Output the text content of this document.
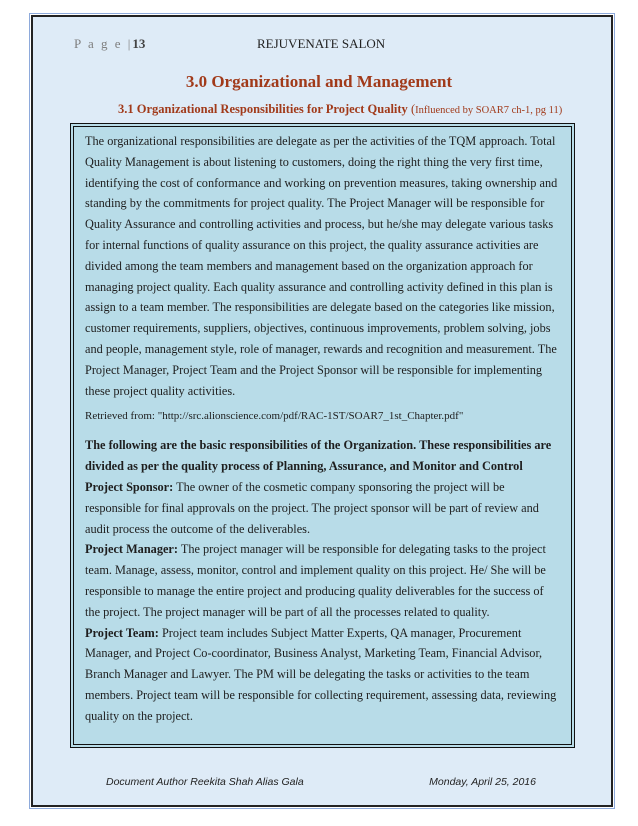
P a g e |13	REJUVENATE SALON
3.0 Organizational and Management
3.1 Organizational Responsibilities for Project Quality (Influenced by SOAR7 ch-1, pg 11)

The organizational responsibilities are delegate as per the activities of the TQM approach. Total Quality Management is about listening to customers, doing the right thing the very first time, identifying the cost of conformance and working on prevention measures, taking ownership and standing by the commitments for project quality. The Project Manager will be responsible for Quality Assurance and controlling activities and process, but he/she may delegate various tasks for internal functions of quality assurance on this project, the quality assurance activities are divided among the team members and management based on the organization approach for managing project quality. Each quality assurance and controlling activity defined in this plan is assign to a team member. The responsibilities are delegate based on the categories like mission, customer requirements, suppliers, objectives, continuous improvements, problem solving, jobs and people, management style, role of manager, rewards and recognition and measurement. The Project Manager, Project Team and the Project Sponsor will be responsible for implementing these project quality activities.

Retrieved from: "http://src.alionscience.com/pdf/RAC-1ST/SOAR7_1st_Chapter.pdf"

The following are the basic responsibilities of the Organization. These responsibilities are divided as per the quality process of Planning, Assurance, and Monitor and Control

Project Sponsor: The owner of the cosmetic company sponsoring the project will be responsible for final approvals on the project. The project sponsor will be part of review and audit process the outcome of the deliverables.

Project Manager: The project manager will be responsible for delegating tasks to the project team. Manage, assess, monitor, control and implement quality on this project. He/ She will be responsible to manage the entire project and producing quality deliverables for the success of the project. The project manager will be part of all the processes related to quality.

Project Team: Project team includes Subject Matter Experts, QA manager, Procurement Manager, and Project Co-coordinator, Business Analyst, Marketing Team, Financial Advisor, Branch Manager and Lawyer. The PM will be delegating the tasks or activities to the team members. Project team will be responsible for collecting requirement, assessing data, reviewing quality on the project.

Document Author Reekita Shah Alias Gala	Monday, April 25, 2016
